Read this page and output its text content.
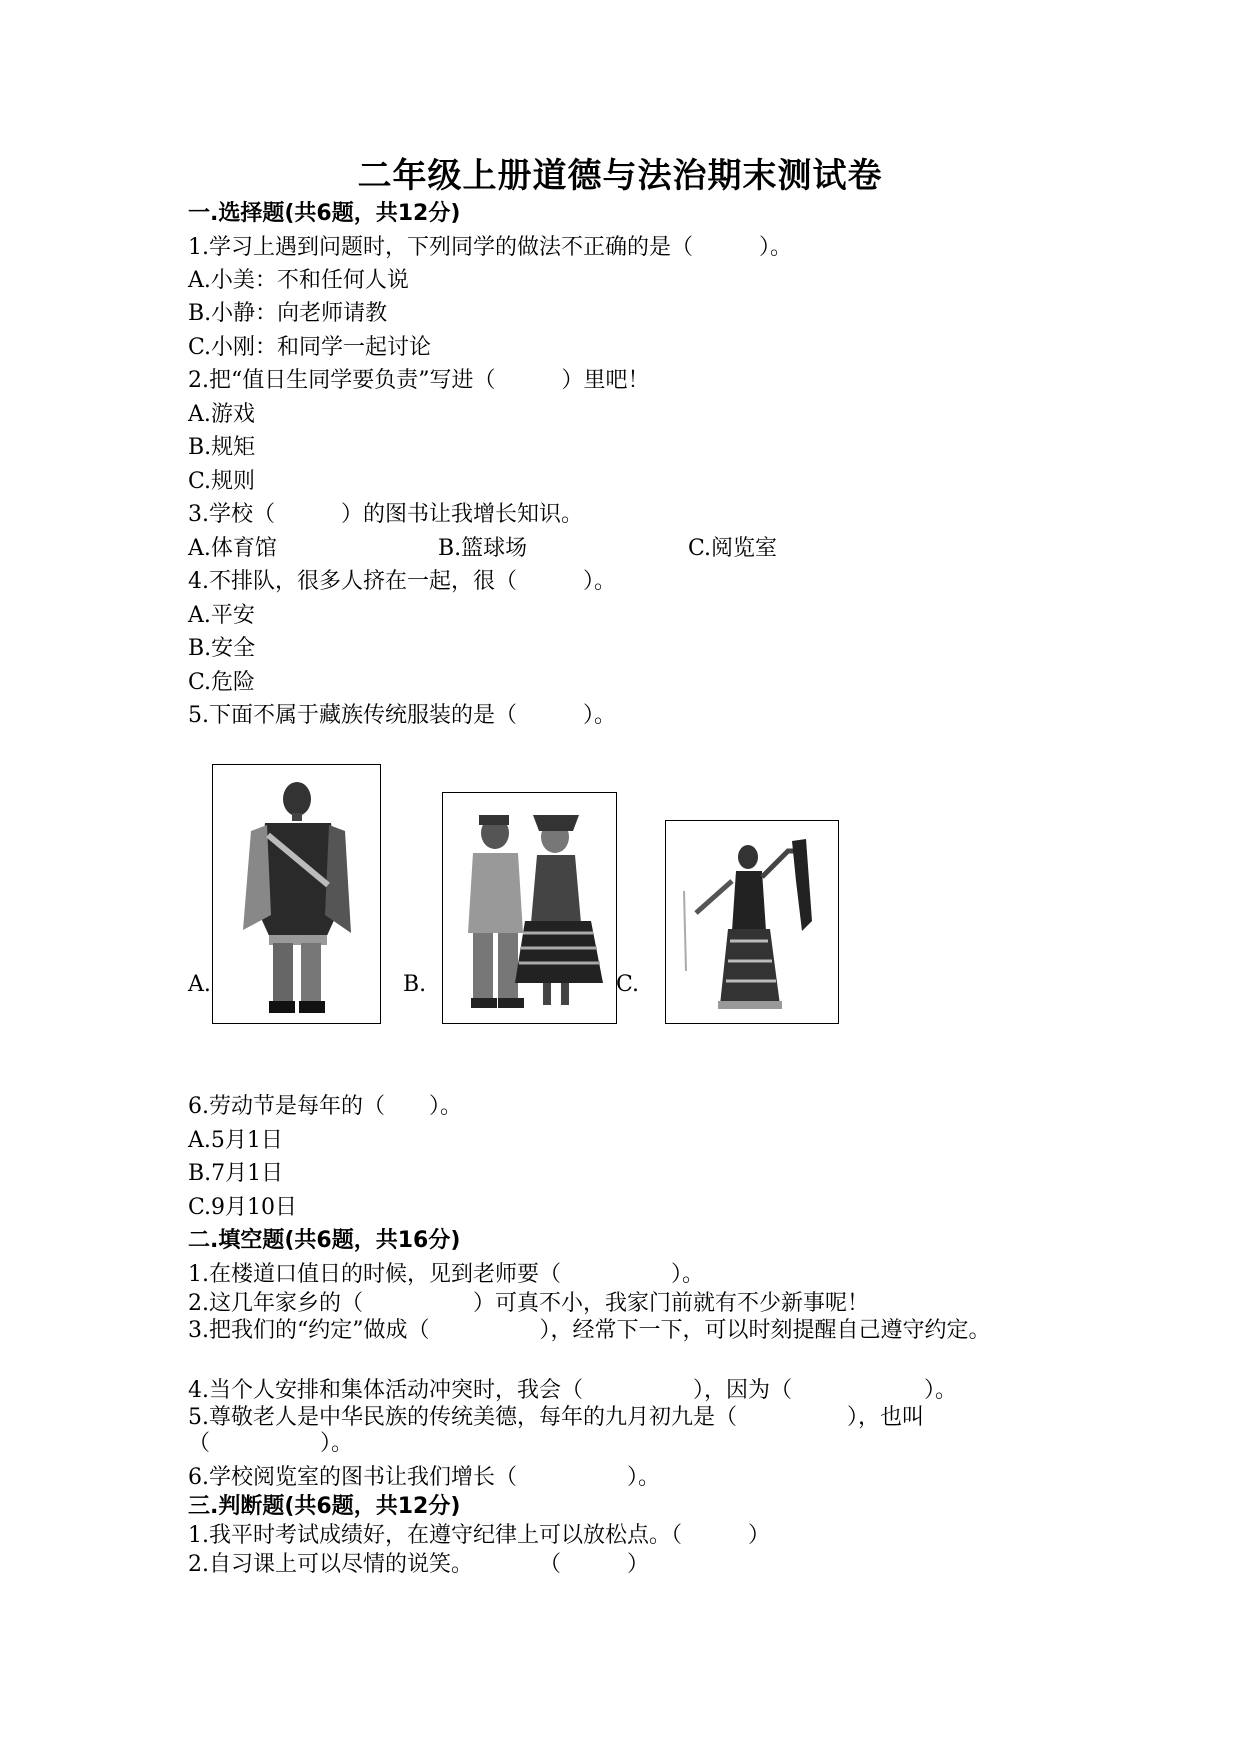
二年级上册道德与法治期末测试卷
一.选择题(共6题，共12分)
1.学习上遇到问题时，下列同学的做法不正确的是（　　　）。
A.小美：不和任何人说
B.小静：向老师请教
C.小刚：和同学一起讨论
2.把“值日生同学要负责”写进（　　　）里吧！
A.游戏
B.规矩
C.规则
3.学校（　　　）的图书让我增长知识。
A.体育馆	B.篮球场	C.阅览室
4.不排队，很多人挤在一起，很（　　　）。
A.平安
B.安全
C.危险
5.下面不属于藏族传统服装的是（　　　）。
A.	B.	C.
6.劳动节是每年的（　　）。
A.5月1日
B.7月1日
C.9月10日
二.填空题(共6题，共16分)
1.在楼道口值日的时候，见到老师要（　　　　　）。
2.这几年家乡的（　　　　　）可真不小，我家门前就有不少新事呢！
3.把我们的“约定”做成（　　　　　），经常下一下，可以时刻提醒自己遵守约定。
4.当个人安排和集体活动冲突时，我会（　　　　　），因为（　　　　　　）。
5.尊敬老人是中华民族的传统美德，每年的九月初九是（　　　　　），也叫（　　　　　）。
6.学校阅览室的图书让我们增长（　　　　　）。
三.判断题(共6题，共12分)
1.我平时考试成绩好，在遵守纪律上可以放松点。（　　　）
2.自习课上可以尽情的说笑。　　　　（　　　）
